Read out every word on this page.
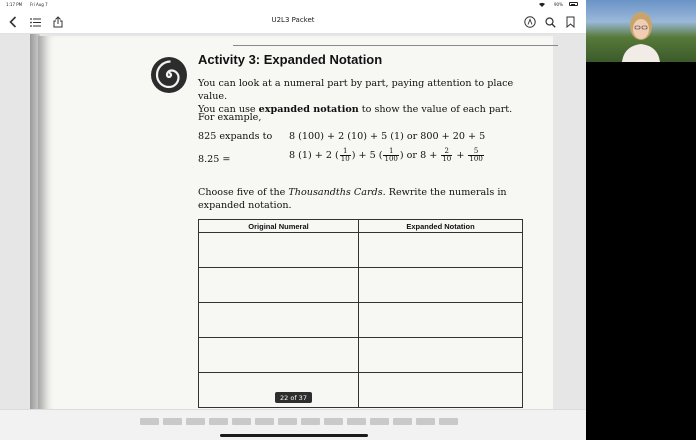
1:17 PM Fri Aug 7	90%
U2L3 Packet
Activity 3: Expanded Notation
You can look at a numeral part by part, paying attention to place value.
You can use expanded notation to show the value of each part.
For example,
825 expands to 8 (100) + 2 (10) + 5 (1) or 800 + 20 + 5
8.25 =	8 (1) + 2 ( $\frac{1}{10}$ ) + 5 ( $\frac{1}{100}$ ) or $8 + \frac{2}{10} + \frac{5}{100}$
Choose five of the Thousandths Cards. Rewrite the numerals in
expanded notation.
Original Numeral	Expanded Notation

22 of 37
